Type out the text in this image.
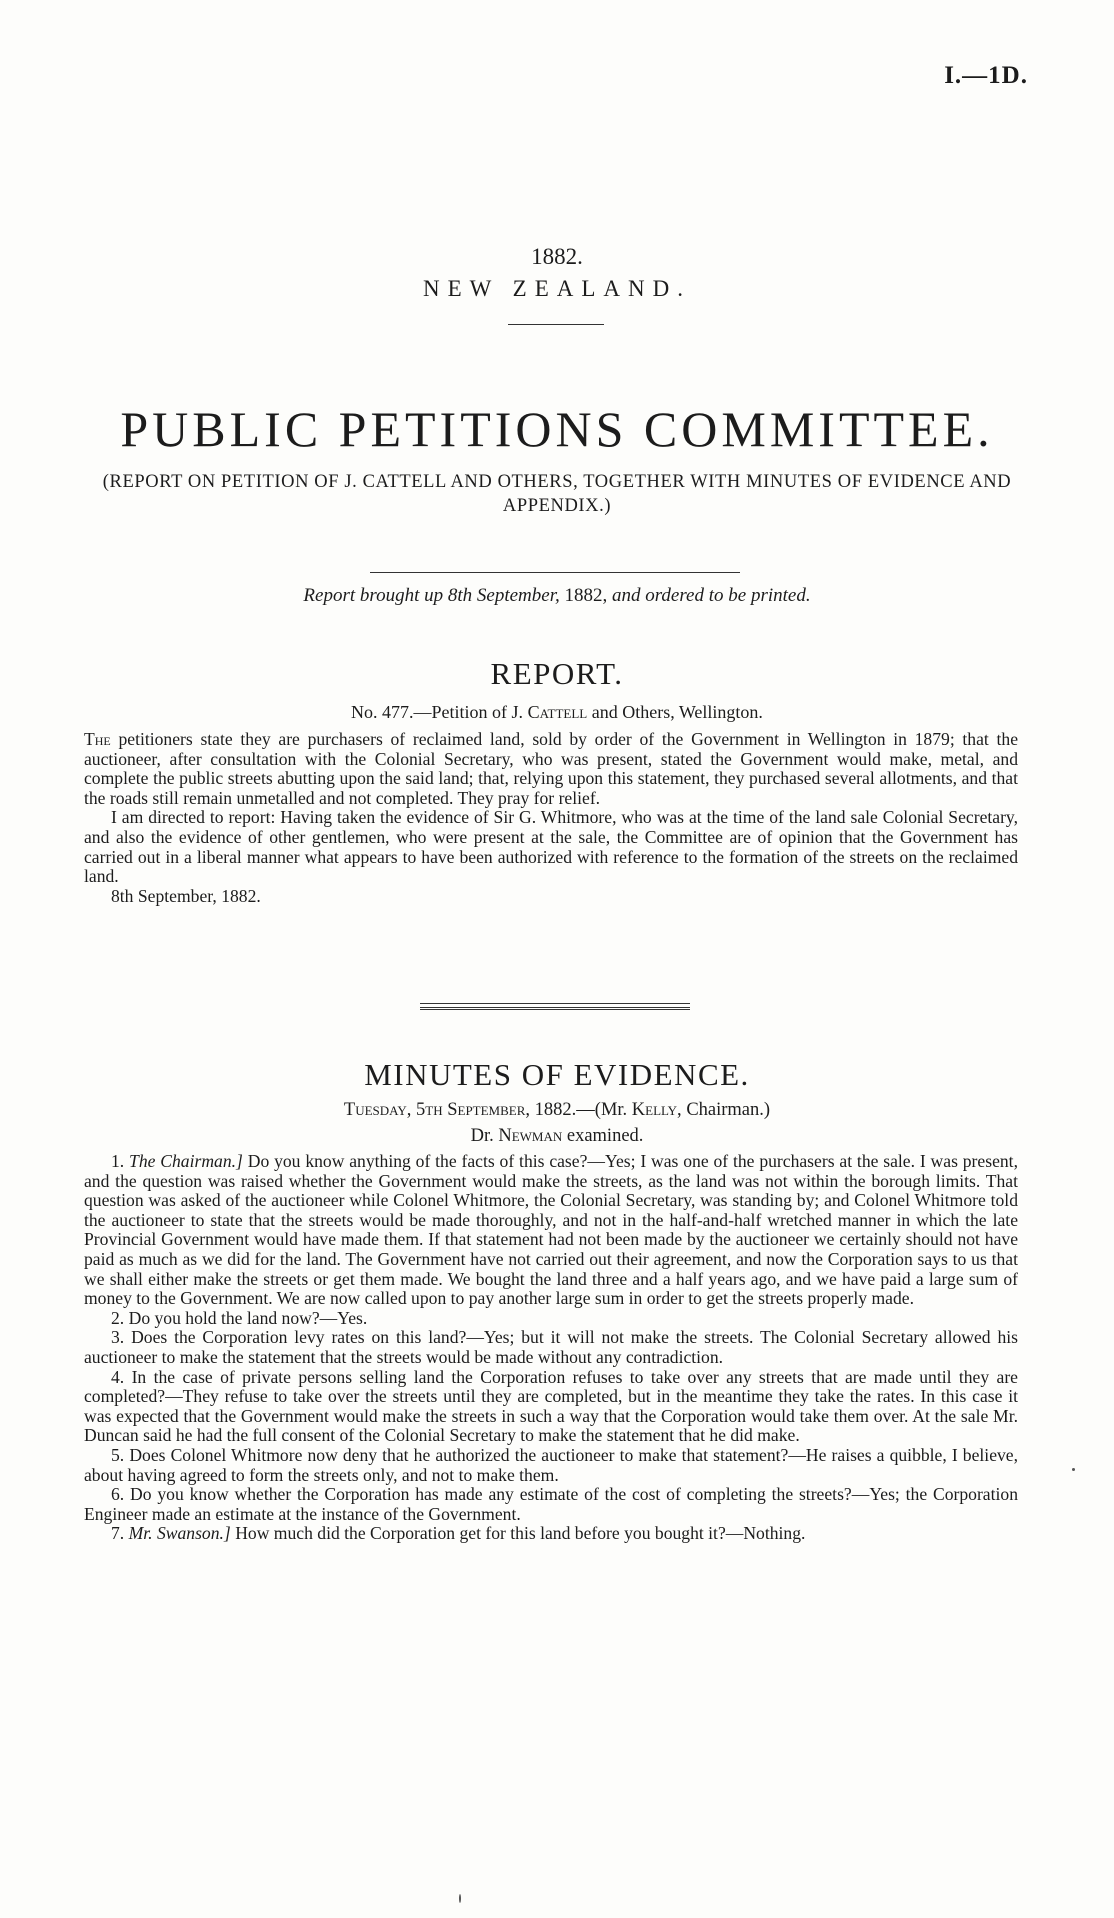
I.—1D.
1882.
NEW ZEALAND.
PUBLIC PETITIONS COMMITTEE.
(REPORT ON PETITION OF J. CATTELL AND OTHERS, TOGETHER WITH MINUTES OF EVIDENCE AND APPENDIX.)
Report brought up 8th September, 1882, and ordered to be printed.
REPORT.
No. 477.—Petition of J. Cattell and Others, Wellington.

The petitioners state they are purchasers of reclaimed land, sold by order of the Government in Wellington in 1879; that the auctioneer, after consultation with the Colonial Secretary, who was present, stated the Government would make, metal, and complete the public streets abutting upon the said land; that, relying upon this statement, they purchased several allotments, and that the roads still remain unmetalled and not completed. They pray for relief.

I am directed to report: Having taken the evidence of Sir G. Whitmore, who was at the time of the land sale Colonial Secretary, and also the evidence of other gentlemen, who were present at the sale, the Committee are of opinion that the Government has carried out in a liberal manner what appears to have been authorized with reference to the formation of the streets on the reclaimed land.

8th September, 1882.

MINUTES OF EVIDENCE.
Tuesday, 5th September, 1882.—(Mr. Kelly, Chairman.)
Dr. Newman examined.

1. The Chairman.] Do you know anything of the facts of this case?—Yes; I was one of the purchasers at the sale. I was present, and the question was raised whether the Government would make the streets, as the land was not within the borough limits. That question was asked of the auctioneer while Colonel Whitmore, the Colonial Secretary, was standing by; and Colonel Whitmore told the auctioneer to state that the streets would be made thoroughly, and not in the half-and-half wretched manner in which the late Provincial Government would have made them. If that statement had not been made by the auctioneer we certainly should not have paid as much as we did for the land. The Government have not carried out their agreement, and now the Corporation says to us that we shall either make the streets or get them made. We bought the land three and a half years ago, and we have paid a large sum of money to the Government. We are now called upon to pay another large sum in order to get the streets properly made.

2. Do you hold the land now?—Yes.

3. Does the Corporation levy rates on this land?—Yes; but it will not make the streets. The Colonial Secretary allowed his auctioneer to make the statement that the streets would be made without any contradiction.

4. In the case of private persons selling land the Corporation refuses to take over any streets that are made until they are completed?—They refuse to take over the streets until they are completed, but in the meantime they take the rates. In this case it was expected that the Government would make the streets in such a way that the Corporation would take them over. At the sale Mr. Duncan said he had the full consent of the Colonial Secretary to make the statement that he did make.

5. Does Colonel Whitmore now deny that he authorized the auctioneer to make that statement?—He raises a quibble, I believe, about having agreed to form the streets only, and not to make them.

6. Do you know whether the Corporation has made any estimate of the cost of completing the streets?—Yes; the Corporation Engineer made an estimate at the instance of the Government.

7. Mr. Swanson.] How much did the Corporation get for this land before you bought it?—Nothing.
